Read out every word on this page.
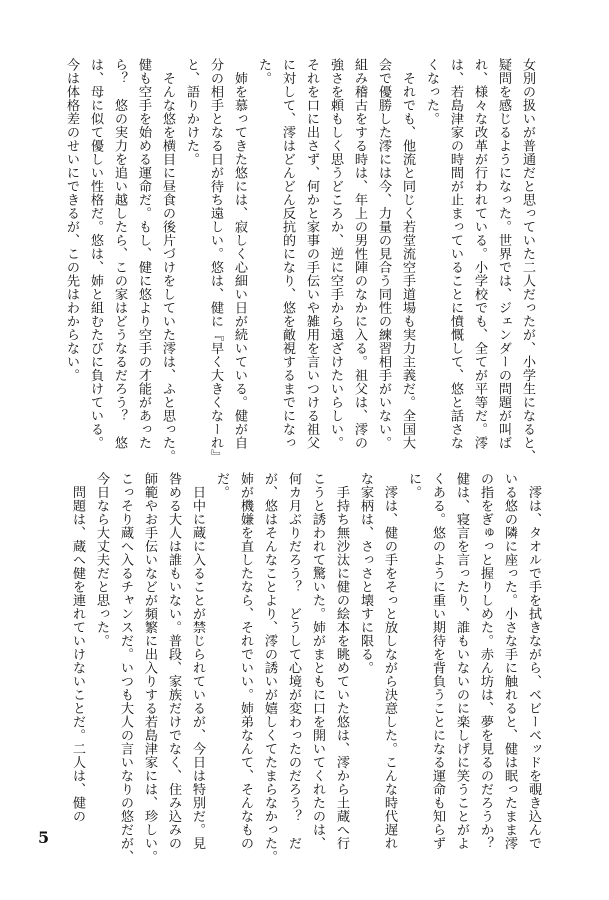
女別の扱いが普通だと思っていた二人だったが、小学生になると、
疑問を感じるようになった。世界では、ジェンダーの問題が叫ば
れ、様々な改革が行われている。小学校でも、全てが平等だ。澪
は、若島津家の時間が止まっていることに憤慨して、悠と話さな
くなった。
　それでも、他流と同じく若堂流空手道場も実力主義だ。全国大
会で優勝した澪には今、力量の見合う同性の練習相手がいない。
組み稽古をする時は、年上の男性陣のなかに入る。祖父は、澪の
強さを頼もしく思うどころか、逆に空手から遠ざけたいらしい。
それを口に出さず、何かと家事の手伝いや雑用を言いつける祖父
に対して、澪はどんどん反抗的になり、悠を敵視するまでになっ
た。
　姉を慕ってきた悠には、寂しく心細い日が続いている。健が自
分の相手となる日が待ち遠しい。悠は、健に『早く大きくなーれ』
と、語りかけた。
　そんな悠を横目に昼食の後片づけをしていた澪は、ふと思った。
健も空手を始める運命だ。もし、健に悠より空手の才能があった
ら？　悠の実力を追い越したら、この家はどうなるだろう？　悠
は、母に似て優しい性格だ。悠は、姉と組むたびに負けている。
今は体格差のせいにできるが、この先はわからない。
　澪は、タオルで手を拭きながら、ベビーベッドを覗き込んで
いる悠の隣に座った。小さな手に触れると、健は眠ったまま澪
の指をぎゅっと握りしめた。赤ん坊は、夢を見るのだろうか？
健は、寝言を言ったり、誰もいないのに楽しげに笑うことがよ
くある。悠のように重い期待を背負うことになる運命も知らず
に。
　澪は、健の手をそっと放しながら決意した。こんな時代遅れ
な家柄は、さっさと壊すに限る。
　手持ち無沙汰に健の絵本を眺めていた悠は、澪から土蔵へ行
こうと誘われて驚いた。姉がまともに口を開いてくれたのは、
何カ月ぶりだろう？　どうして心境が変わったのだろう？　だ
が、悠はそんなことより、澪の誘いが嬉しくてたまらなかった。
姉が機嫌を直したなら、それでいい。姉弟なんて、そんなもの
だ。
　日中に蔵に入ることが禁じられているが、今日は特別だ。見
咎める大人は誰もいない。普段、家族だけでなく、住み込みの
師範やお手伝いなどが頻繁に出入りする若島津家には、珍しい。
こっそり蔵へ入るチャンスだ。いつも大人の言いなりの悠だが、
今日なら大丈夫だと思った。
　問題は、蔵へ健を連れていけないことだ。二人は、健の
5
